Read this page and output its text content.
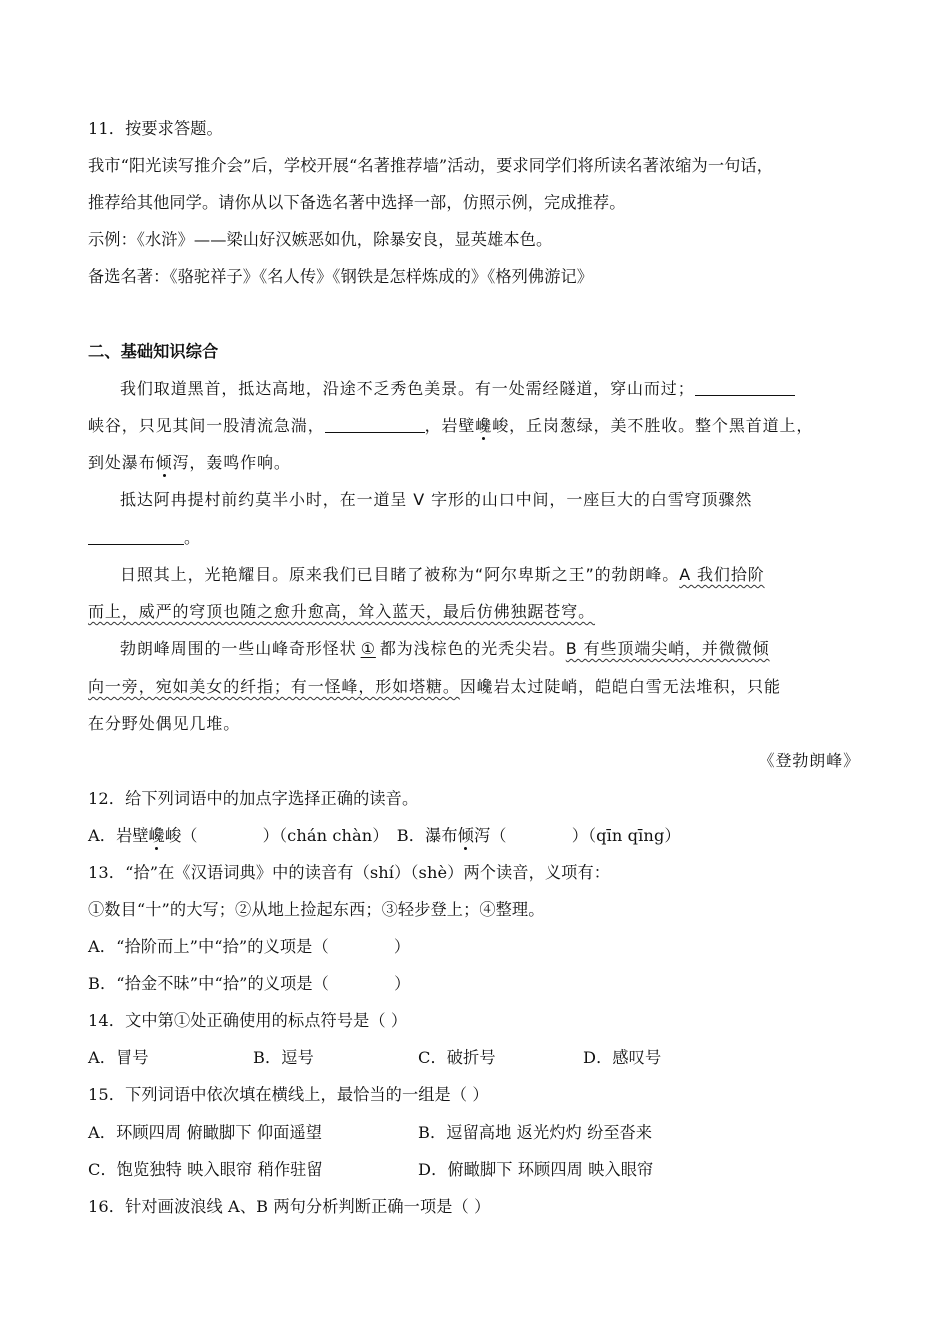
11．按要求答题。
我市“阳光读写推介会”后，学校开展“名著推荐墙”活动，要求同学们将所读名著浓缩为一句话，
推荐给其他同学。请你从以下备选名著中选择一部，仿照示例，完成推荐。
示例：《水浒》——梁山好汉嫉恶如仇，除暴安良，显英雄本色。
备选名著：《骆驼祥子》《名人传》《钢铁是怎样炼成的》《格列佛游记》
二、基础知识综合
我们取道黑首，抵达高地，沿途不乏秀色美景。有一处需经隧道，穿山而过；
峡谷，只见其间一股清流急湍，	，岩壁巉峻，丘岗葱绿，美不胜收。整个黑首道上，
到处瀑布倾泻，轰鸣作响。
抵达阿冉提村前约莫半小时，在一道呈 V 字形的山口中间，一座巨大的白雪穹顶骤然
。
日照其上，光艳耀目。原来我们已目睹了被称为“阿尔卑斯之王”的勃朗峰。A 我们拾阶
而上，威严的穹顶也随之愈升愈高，耸入蓝天，最后仿佛独踞苍穹。
勃朗峰周围的一些山峰奇形怪状 ① 都为浅棕色的光秃尖岩。B 有些顶端尖峭，并微微倾
向一旁，宛如美女的纤指；有一怪峰，形如塔糖。因巉岩太过陡峭，皑皑白雪无法堆积，只能
在分野处偶见几堆。
《登勃朗峰》
12．给下列词语中的加点字选择正确的读音。
A．岩壁巉峻（　　　　）（chán chàn）　B．瀑布倾泻（　　　　）（qīn qīng）
13．“拾”在《汉语词典》中的读音有（shí）（shè）两个读音，义项有：
①数目“十”的大写；②从地上捡起东西；③轻步登上；④整理。
A．“拾阶而上”中“拾”的义项是（　　　　）
B．“拾金不昧”中“拾”的义项是（　　　　）
14．文中第①处正确使用的标点符号是（ ）
A．冒号	B．逗号	C．破折号	D．感叹号
15．下列词语中依次填在横线上，最恰当的一组是（ ）
A．环顾四周 俯瞰脚下 仰面遥望	B．逗留高地 返光灼灼 纷至沓来
C．饱览独特 映入眼帘 稍作驻留	D．俯瞰脚下 环顾四周 映入眼帘
16．针对画波浪线 A、B 两句分析判断正确一项是（ ）
